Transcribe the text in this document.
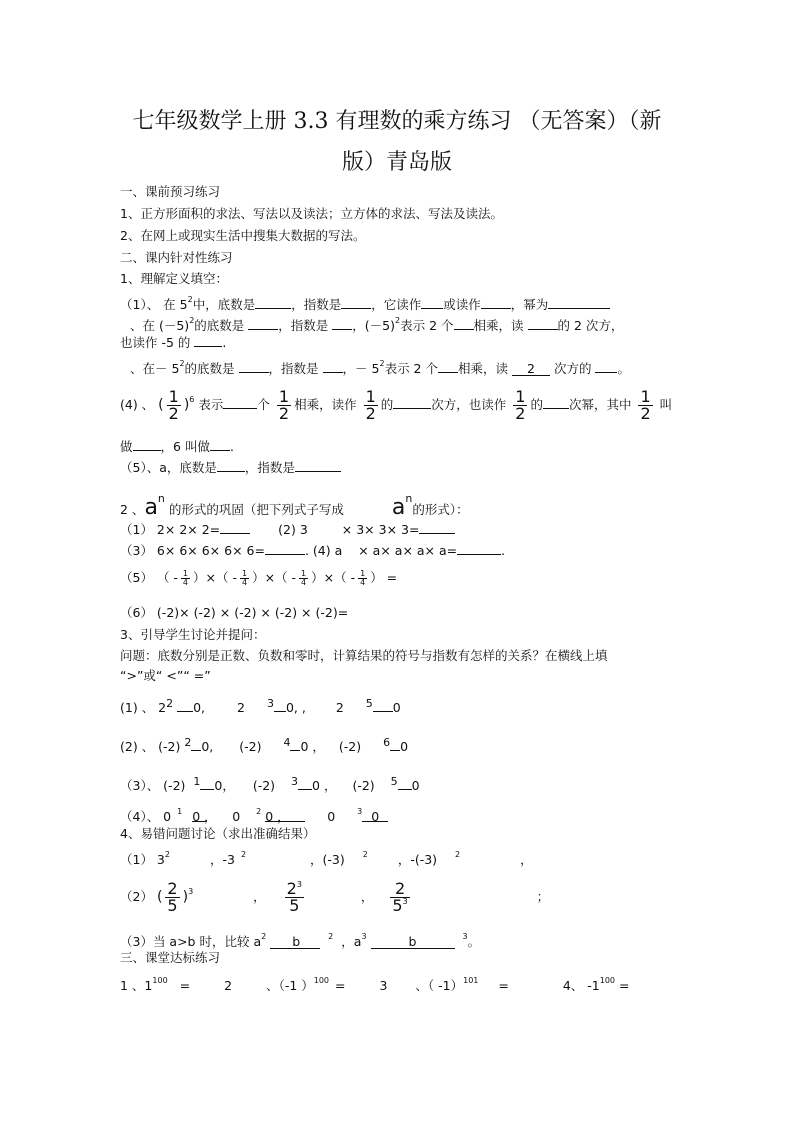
七年级数学上册 3.3 有理数的乘方练习 （无答案）（新
版）青岛版
一、课前预习练习
1、正方形面积的求法、写法以及读法；立方体的求法、写法及读法。
2、在网上或现实生活中搜集大数据的写法。
二、课内针对性练习
1、理解定义填空：
（1）、 在 $5^2$中，底数是	，指数是 ，它读作 或读作 ，幂为
、在 $(-5)^2$的底数是	，指数是 ，$(-5)^2$表示 2 个 相乘，读	的 2 次方，
也读作 -5 的	.
、在－ $5^2$的底数是	，指数是 ，－ $5^2$表示 2 个 相乘，读 2 次方的 。
(4) 、 ( $\frac{1}{2} )^6$ 表示	个 $\frac{1}{2}$ 相乘，读作 $\frac{1}{2}$ 的	次方，也读作 $\frac{1}{2}$ 的 次幂，其中 $\frac{1}{2}$ 叫
做 ，6 叫做 .
（5）、a，底数是 ，指数是
2 、an 的形式的巩固（把下列式子写成 an的形式）：
（1） 2× 2× 2=	(2) 3	× 3× 3× 3=
（3） 6× 6× 6× 6× 6=	. (4) a × a× a× a× a=	.
（5） （ - $\frac{1}{4}$ ）×（ - $\frac{1}{4}$ ）×（ - $\frac{1}{4}$ ）×（ - $\frac{1}{4}$ ） =
（6） (-2)× (-2) × (-2) × (-2) × (-2)=
3、引导学生讨论并提问：
问题：底数分别是正数、负数和零时，计算结果的符号与指数有怎样的关系？在横线上填
“>”或“ <”“ =”
(1) 、 22 0,	2 3 0, , 2 5 0
(2) 、 (-2) 2 0, (-2) 4 0 ， (-2) 6 0
（3）、 (-2) 1 0， (-2) 3 0 ， (-2) 5 0
（4）、 0 $^1$ 0 ， 0 $^2$ 0 ，	0	$^3$ 0
4、易错问题讨论（求出准确结果）
（1） $3^2$	，-3 $^2$	，(-3) $^2$ ，-(-3) $^2$	，
（2） ( $\frac{2}{5} )^3$	， $\frac{2^3}{5}$	， $\frac{2}{5^3}$	；
（3）当 a>b 时，比较 $a^2$ b	$^2$ ，$a^3$	b	$^3$。
三、课堂达标练习
1 、$1^{100}$ =	2	、（-1 ）$^{100}$ =	3 、（ -1）$^{101}$ =	4、 $-1^{100}$ =
